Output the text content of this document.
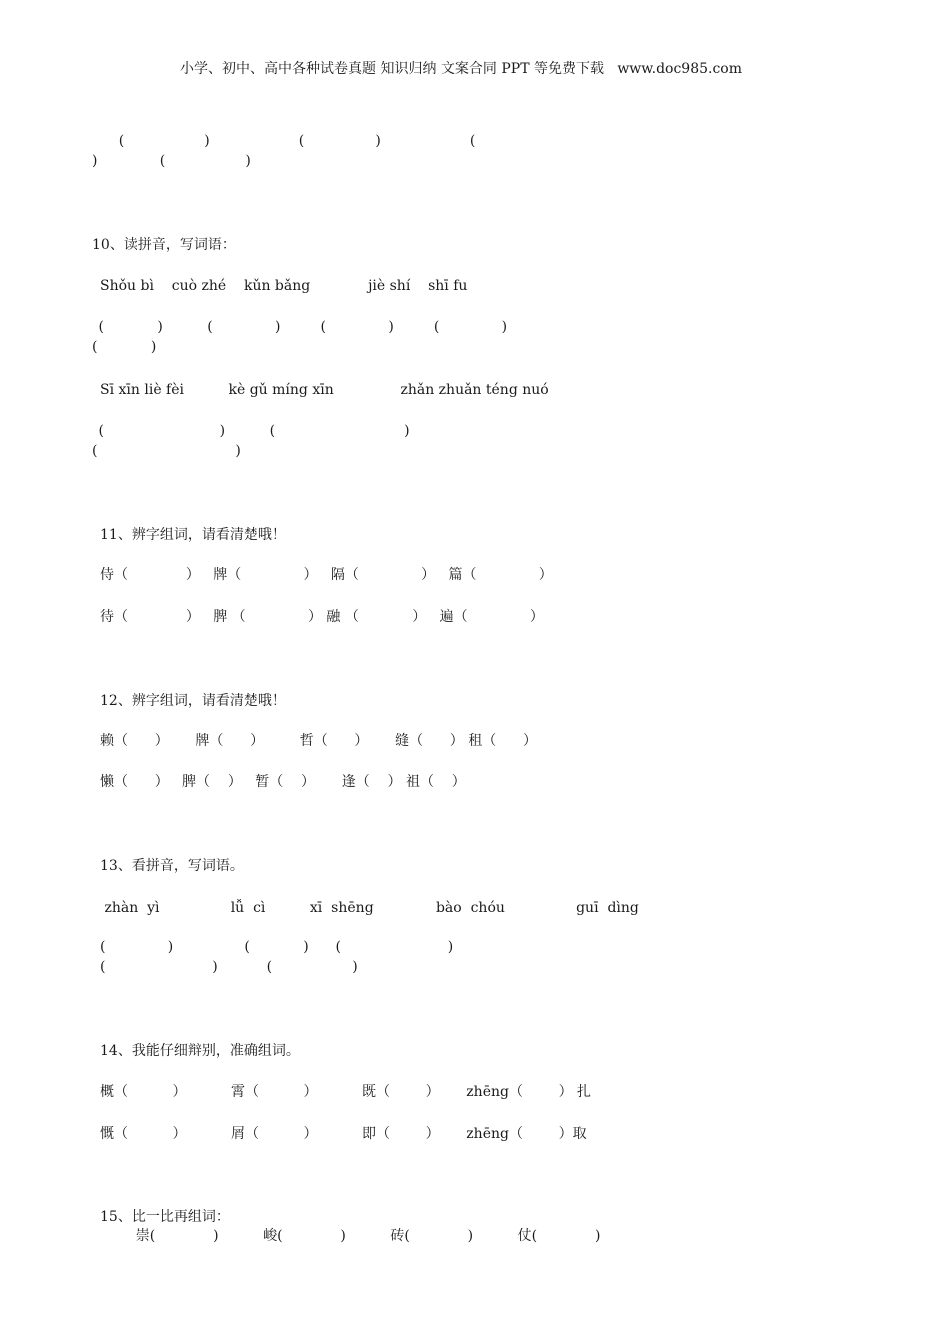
小学、初中、高中各种试卷真题 知识归纳 文案合同 PPT 等免费下载   www.doc985.com
(                  )                    (                )                    (
)              (                  )
10、读拼音，写词语：
Shǒu bì    cuò zhé    kǔn bǎng             jiè shí    shī fu
(            )          (              )         (              )         (              )
(            )
Sī xīn liè fèi          kè gǔ míng xīn               zhǎn zhuǎn téng nuó
(                          )          (                             )
(                               )
11、辨字组词，请看清楚哦！
侍（             ）   牌（              ）   隔（              ）   篇（              ）
待（             ）   脾 （              ） 融 （            ）   遍（              ）
12、辨字组词，请看清楚哦！
赖（      ）      牌（      ）        哲（      ）      缝（      ） 租（      ）
懒（      ）   脾（    ）   暂（    ）      逢（    ） 祖（    ）
13、看拼音，写词语。
zhàn  yì                lǚ  cì          xī  shēng              bào  chóu                guī  dìng
(              )                (            )      (                        )
(                        )           (                  )
14、我能仔细辩别，准确组词。
概（          ）          霄（          ）          既（        ）      zhēng（        ） 扎
慨（          ）          屑（          ）          即（        ）      zhēng（        ）取
15、比一比再组词：
崇(             )          峻(             )          砖(             )          仗(             )
